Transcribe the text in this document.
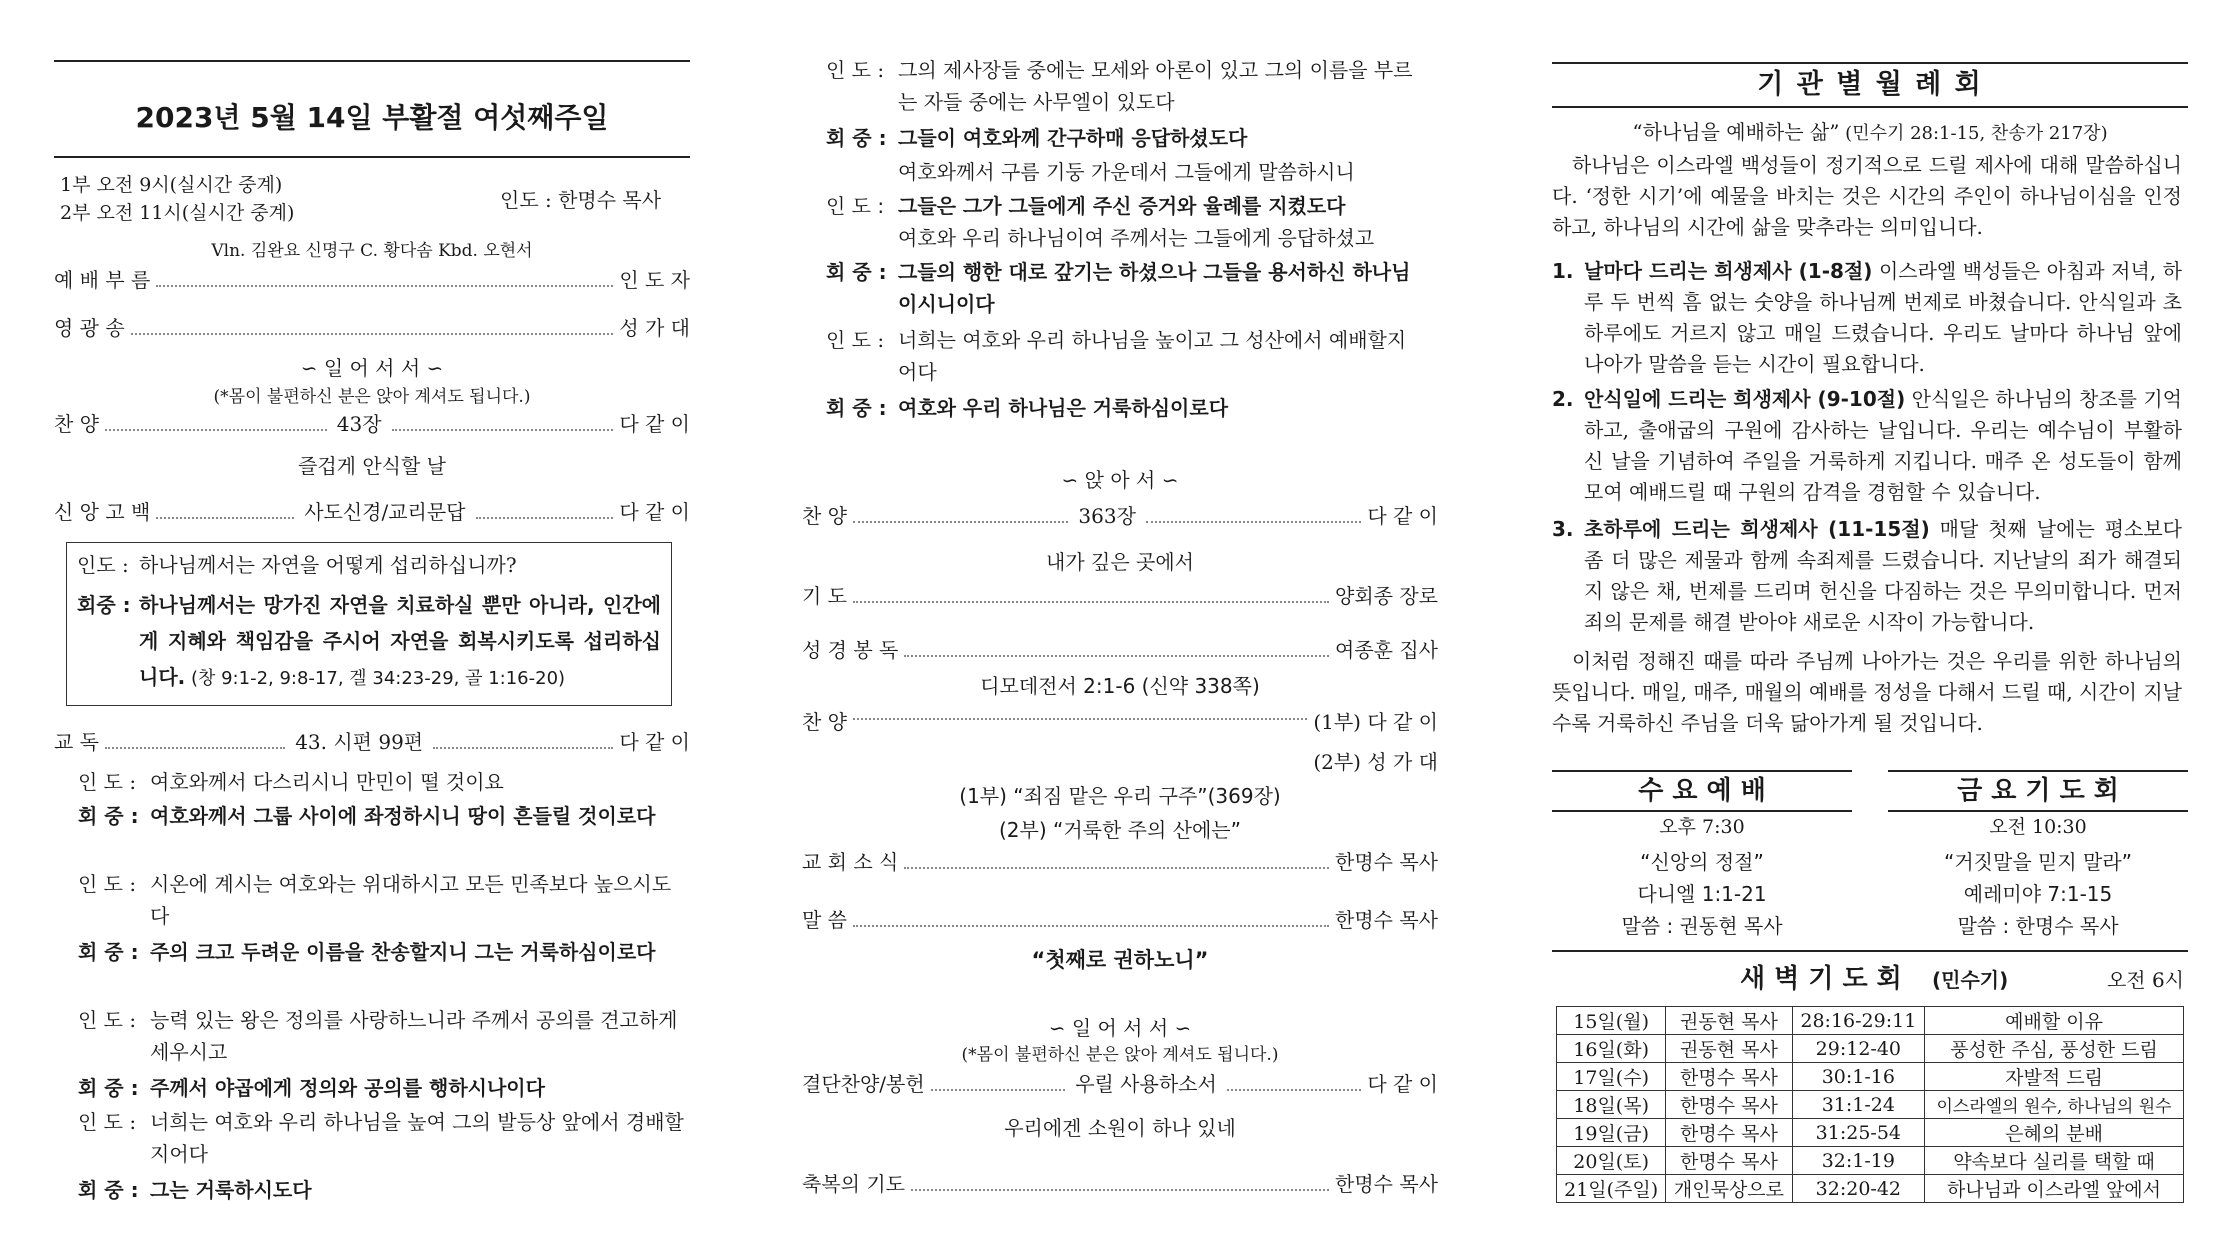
2023년 5월 14일 부활절 여섯째주일
1부 오전 9시(실시간 중계)
2부 오전 11시(실시간 중계)
인도 : 한명수 목사
Vln. 김완요 신명구 C. 황다솜 Kbd. 오현서
예 배 부 름	인 도 자
영 광 송	성 가 대
∽ 일 어 서 서 ∽
(*몸이 불편하신 분은 앉아 계셔도 됩니다.)
찬 양	43장	다 같 이
즐겁게 안식할 날
신 앙 고 백	사도신경/교리문답	다 같 이
인도 : 하나님께서는 자연을 어떻게 섭리하십니까?
회중 : 하나님께서는 망가진 자연을 치료하실 뿐만 아니라, 인간에게 지혜와 책임감을 주시어 자연을 회복시키도록 섭리하십니다. (창 9:1-2, 9:8-17, 겔 34:23-29, 골 1:16-20)
교 독	43. 시편 99편	다 같 이
인 도 : 여호와께서 다스리시니 만민이 떨 것이요
회 중 : 여호와께서 그룹 사이에 좌정하시니 땅이 흔들릴 것이로다
인 도 : 시온에 계시는 여호와는 위대하시고 모든 민족보다 높으시도다
회 중 : 주의 크고 두려운 이름을 찬송할지니 그는 거룩하심이로다
인 도 : 능력 있는 왕은 정의를 사랑하느니라 주께서 공의를 견고하게 세우시고
회 중 : 주께서 야곱에게 정의와 공의를 행하시나이다
인 도 : 너희는 여호와 우리 하나님을 높여 그의 발등상 앞에서 경배할지어다
회 중 : 그는 거룩하시도다
인 도 : 그의 제사장들 중에는 모세와 아론이 있고 그의 이름을 부르는 자들 중에는 사무엘이 있도다
회 중 : 그들이 여호와께 간구하매 응답하셨도다
여호와께서 구름 기둥 가운데서 그들에게 말씀하시니
인 도 : 그들은 그가 그들에게 주신 증거와 율례를 지켰도다
여호와 우리 하나님이여 주께서는 그들에게 응답하셨고
회 중 : 그들의 행한 대로 갚기는 하셨으나 그들을 용서하신 하나님이시니이다
인 도 : 너희는 여호와 우리 하나님을 높이고 그 성산에서 예배할지어다
회 중 : 여호와 우리 하나님은 거룩하심이로다
∽ 앉 아 서 ∽
찬 양	363장	다 같 이
내가 깊은 곳에서
기 도	양회종 장로
성 경 봉 독	여종훈 집사
디모데전서 2:1-6 (신약 338쪽)
찬 양	(1부) 다 같 이
(2부) 성 가 대
(1부) “죄짐 맡은 우리 구주”(369장)
(2부) “거룩한 주의 산에는”
교 회 소 식	한명수 목사
말 씀	한명수 목사
“첫째로 권하노니”
∽ 일 어 서 서 ∽
(*몸이 불편하신 분은 앉아 계셔도 됩니다.)
결단찬양/봉헌	우릴 사용하소서	다 같 이
우리에겐 소원이 하나 있네
축복의 기도	한명수 목사
기 관 별 월 례 회
“하나님을 예배하는 삶” (민수기 28:1-15, 찬송가 217장)
하나님은 이스라엘 백성들이 정기적으로 드릴 제사에 대해 말씀하십니다. ‘정한 시기’에 예물을 바치는 것은 시간의 주인이 하나님이심을 인정하고, 하나님의 시간에 삶을 맞추라는 의미입니다.
1. 날마다 드리는 희생제사 (1-8절) 이스라엘 백성들은 아침과 저녁, 하루 두 번씩 흠 없는 숫양을 하나님께 번제로 바쳤습니다. 안식일과 초하루에도 거르지 않고 매일 드렸습니다. 우리도 날마다 하나님 앞에 나아가 말씀을 듣는 시간이 필요합니다.
2. 안식일에 드리는 희생제사 (9-10절) 안식일은 하나님의 창조를 기억하고, 출애굽의 구원에 감사하는 날입니다. 우리는 예수님이 부활하신 날을 기념하여 주일을 거룩하게 지킵니다. 매주 온 성도들이 함께 모여 예배드릴 때 구원의 감격을 경험할 수 있습니다.
3. 초하루에 드리는 희생제사 (11-15절) 매달 첫째 날에는 평소보다 좀 더 많은 제물과 함께 속죄제를 드렸습니다. 지난날의 죄가 해결되지 않은 채, 번제를 드리며 헌신을 다짐하는 것은 무의미합니다. 먼저 죄의 문제를 해결 받아야 새로운 시작이 가능합니다.
이처럼 정해진 때를 따라 주님께 나아가는 것은 우리를 위한 하나님의 뜻입니다. 매일, 매주, 매월의 예배를 정성을 다해서 드릴 때, 시간이 지날수록 거룩하신 주님을 더욱 닮아가게 될 것입니다.
수 요 예 배
오후 7:30
“신앙의 정절”
다니엘 1:1-21
말씀 : 권동현 목사
금 요 기 도 회
오전 10:30
“거짓말을 믿지 말라”
예레미야 7:1-15
말씀 : 한명수 목사
새 벽 기 도 회 (민수기)	오전 6시
15일(월)	권동현 목사	28:16-29:11	예배할 이유
16일(화)	권동현 목사	29:12-40	풍성한 주심, 풍성한 드림
17일(수)	한명수 목사	30:1-16	자발적 드림
18일(목)	한명수 목사	31:1-24	이스라엘의 원수, 하나님의 원수
19일(금)	한명수 목사	31:25-54	은혜의 분배
20일(토)	한명수 목사	32:1-19	약속보다 실리를 택할 때
21일(주일)	개인묵상으로	32:20-42	하나님과 이스라엘 앞에서
